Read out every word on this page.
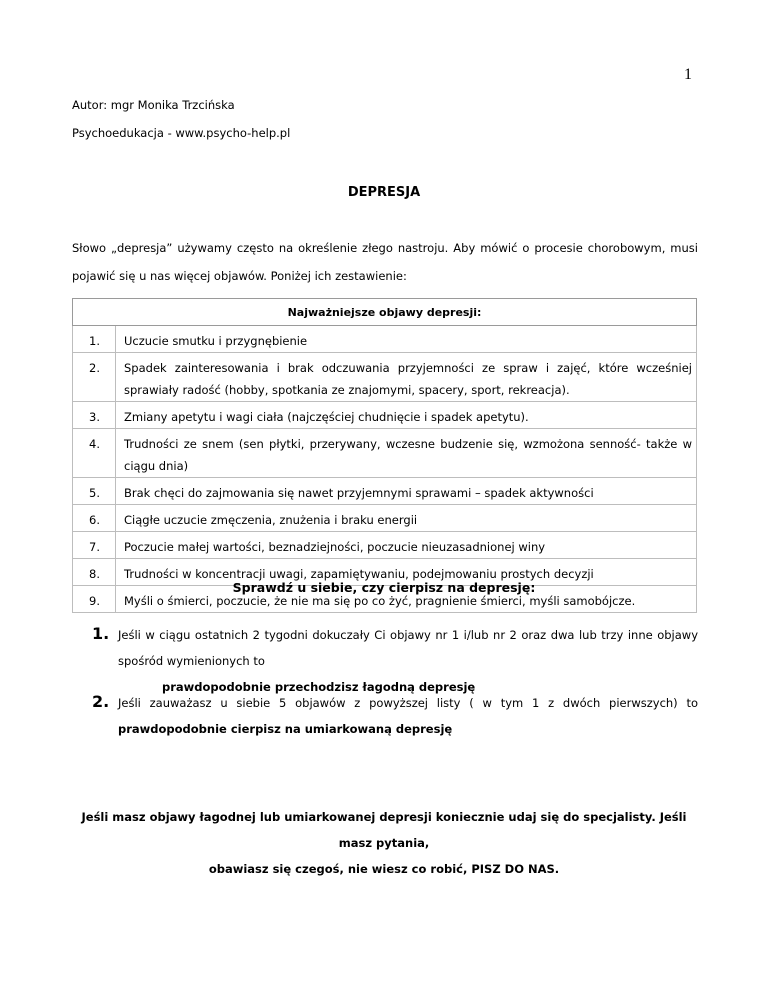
1
Autor: mgr Monika Trzcińska
Psychoedukacja - www.psycho-help.pl
DEPRESJA
Słowo „depresja” używamy często na określenie złego nastroju. Aby mówić o procesie chorobowym, musi pojawić się u nas więcej objawów. Poniżej ich zestawienie:
Najważniejsze objawy depresji:	
1.	Uczucie smutku i przygnębienie
2.	Spadek zainteresowania i brak odczuwania przyjemności ze spraw i zajęć, które wcześniej sprawiały radość (hobby, spotkania ze znajomymi, spacery, sport, rekreacja).
3.	Zmiany apetytu i wagi ciała (najczęściej chudnięcie i spadek apetytu).
4.	Trudności ze snem (sen płytki, przerywany, wczesne budzenie się, wzmożona senność- także w ciągu dnia)
5.	Brak chęci do zajmowania się nawet przyjemnymi sprawami – spadek aktywności
6.	Ciągłe uczucie zmęczenia, znużenia i braku energii
7.	Poczucie małej wartości, beznadziejności, poczucie nieuzasadnionej winy
8.	Trudności w koncentracji uwagi, zapamiętywaniu, podejmowaniu prostych decyzji
9.	Myśli o śmierci, poczucie, że nie ma się po co żyć, pragnienie śmierci, myśli samobójcze.
Sprawdź u siebie, czy cierpisz na depresję:
1. Jeśli w ciągu ostatnich 2 tygodni dokuczały Ci objawy nr 1 i/lub nr 2 oraz dwa lub trzy inne objawy spośród wymienionych to
prawdopodobnie przechodzisz łagodną depresję
2. Jeśli zauważasz u siebie 5 objawów z powyższej listy ( w tym 1 z dwóch pierwszych) to prawdopodobnie cierpisz na umiarkowaną depresję
Jeśli masz objawy łagodnej lub umiarkowanej depresji koniecznie udaj się do specjalisty. Jeśli masz pytania,
obawiasz się czegoś, nie wiesz co robić, PISZ DO NAS.
